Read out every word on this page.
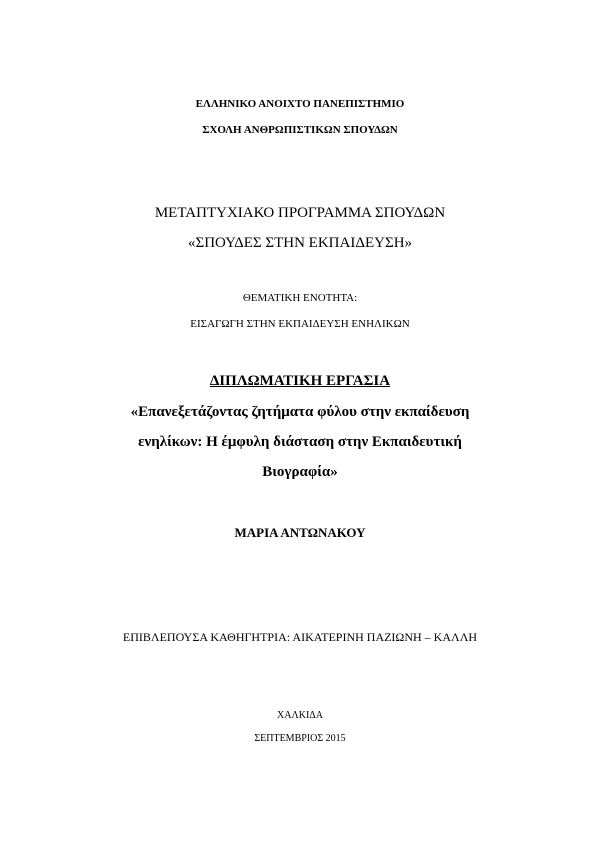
ΕΛΛΗΝΙΚΟ ΑΝΟΙΧΤΟ ΠΑΝΕΠΙΣΤΗΜΙΟ
ΣΧΟΛΗ ΑΝΘΡΩΠΙΣΤΙΚΩΝ ΣΠΟΥΔΩΝ
ΜΕΤΑΠΤΥΧΙΑΚΟ ΠΡΟΓΡΑΜΜΑ ΣΠΟΥΔΩΝ
«ΣΠΟΥΔΕΣ ΣΤΗΝ ΕΚΠΑΙΔΕΥΣΗ»
ΘΕΜΑΤΙΚΗ ΕΝΟΤΗΤΑ:
ΕΙΣΑΓΩΓΗ ΣΤΗΝ ΕΚΠΑΙΔΕΥΣΗ ΕΝΗΛΙΚΩΝ
ΔΙΠΛΩΜΑΤΙΚΗ ΕΡΓΑΣΙΑ
«Επανεξετάζοντας ζητήματα φύλου στην εκπαίδευση
ενηλίκων: Η έμφυλη διάσταση στην Εκπαιδευτική
Βιογραφία»
ΜΑΡΙΑ ΑΝΤΩΝΑΚΟΥ
ΕΠΙΒΛΕΠΟΥΣΑ ΚΑΘΗΓΗΤΡΙΑ: ΑΙΚΑΤΕΡΙΝΗ ΠΑΖΙΩΝΗ – ΚΑΛΛΗ
ΧΑΛΚΙΔΑ
ΣΕΠΤΕΜΒΡΙΟΣ 2015
